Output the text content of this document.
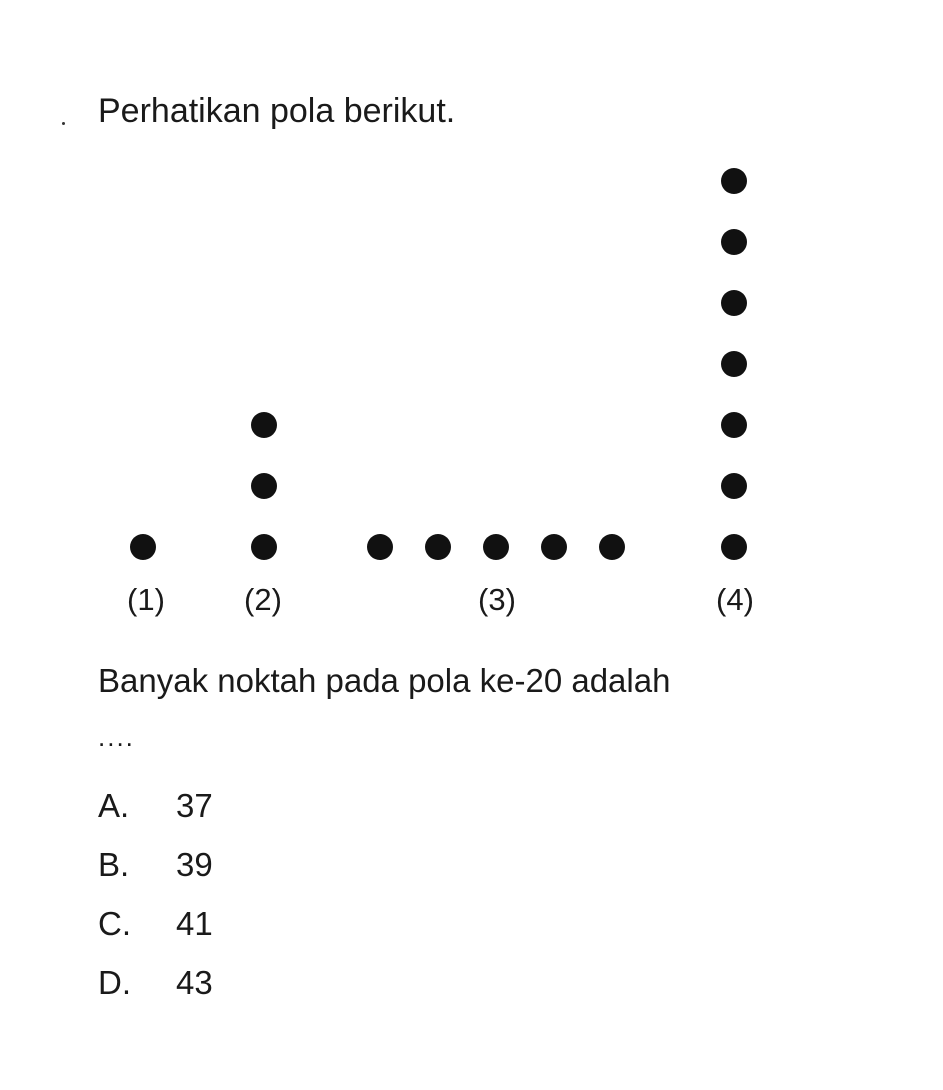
Perhatikan pola berikut.
(1)	(2)	(3)	(4)
Banyak noktah pada pola ke-20 adalah
....
A.	37
B.	39
C.	41
D.	43
